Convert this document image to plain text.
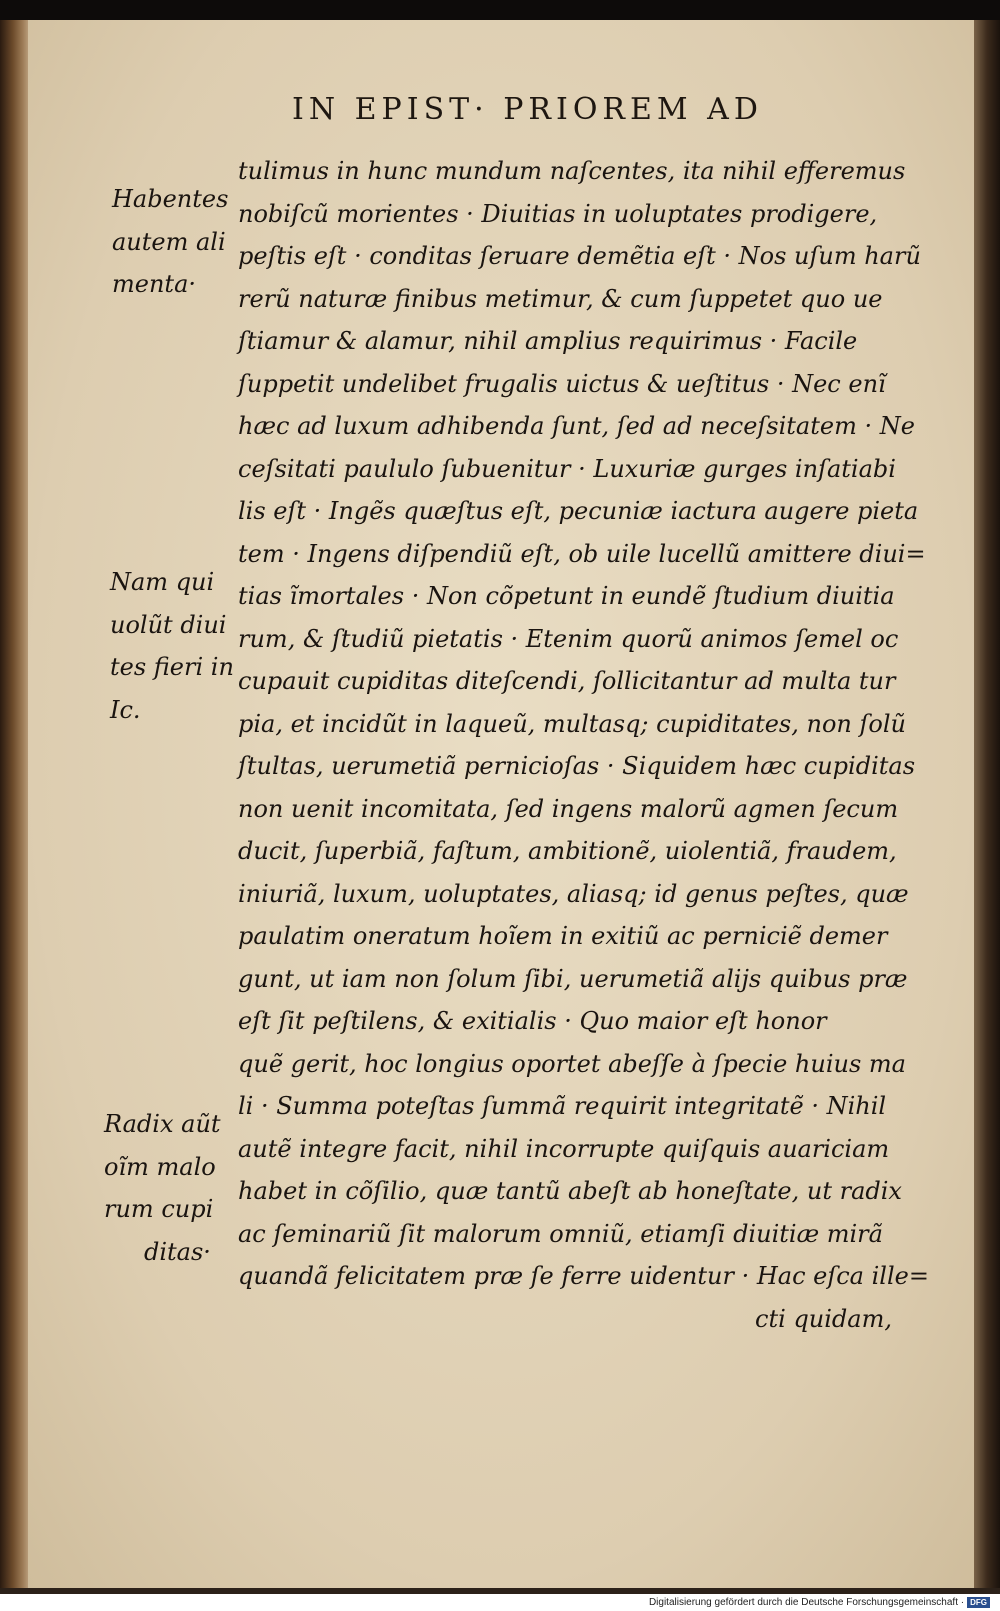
IN EPIST· PRIOREM AD
tulimus in hunc mundum naſcentes, ita nihil efferemus
nobiſcũ morientes · Diuitias in uoluptates prodigere,
peſtis eſt · conditas ſeruare demẽtia eſt · Nos uſum harũ
rerũ naturæ finibus metimur, & cum ſuppetet quo ue
ſtiamur & alamur, nihil amplius requirimus · Facile
ſuppetit undelibet frugalis uictus & ueſtitus · Nec enĩ
hæc ad luxum adhibenda ſunt, ſed ad neceſsitatem · Ne
ceſsitati paululo ſubuenitur · Luxuriæ gurges inſatiabi
lis eſt · Ingẽs quæſtus eſt, pecuniæ iactura augere pieta
tem · Ingens diſpendiũ eſt, ob uile lucellũ amittere diui=
tias ĩmortales · Non cõpetunt in eundẽ ſtudium diuitia
rum, & ſtudiũ pietatis · Etenim quorũ animos ſemel oc
cupauit cupiditas diteſcendi, ſollicitantur ad multa tur
pia, et incidũt in laqueũ, multasq; cupiditates, non ſolũ
ſtultas, uerumetiã pernicioſas · Siquidem hæc cupiditas
non uenit incomitata, ſed ingens malorũ agmen ſecum
ducit, ſuperbiã, faſtum, ambitionẽ, uiolentiã, fraudem,
iniuriã, luxum, uoluptates, aliasq; id genus peſtes, quæ
paulatim oneratum hoĩem in exitiũ ac perniciẽ demer
gunt, ut iam non ſolum ſibi, uerumetiã alijs quibus præ
eſt ſit peſtilens, & exitialis · Quo maior eſt honor
quẽ gerit, hoc longius oportet abeſſe à ſpecie huius ma
li · Summa poteſtas ſummã requirit integritatẽ · Nihil
autẽ integre facit, nihil incorrupte quiſquis auariciam
habet in cõſilio, quæ tantũ abeſt ab honeſtate, ut radix
ac ſeminariũ ſit malorum omniũ, etiamſi diuitiæ mirã
quandã felicitatem præ ſe ferre uidentur · Hac eſca ille=
cti quidam,
Habentes
autem ali
menta·
Nam qui
uolũt diui
tes fieri in
Ic.
Radix aũt
oĩm malo
rum cupi
ditas·
Digitalisierung gefördert durch die Deutsche Forschungsgemeinschaft · DFG
